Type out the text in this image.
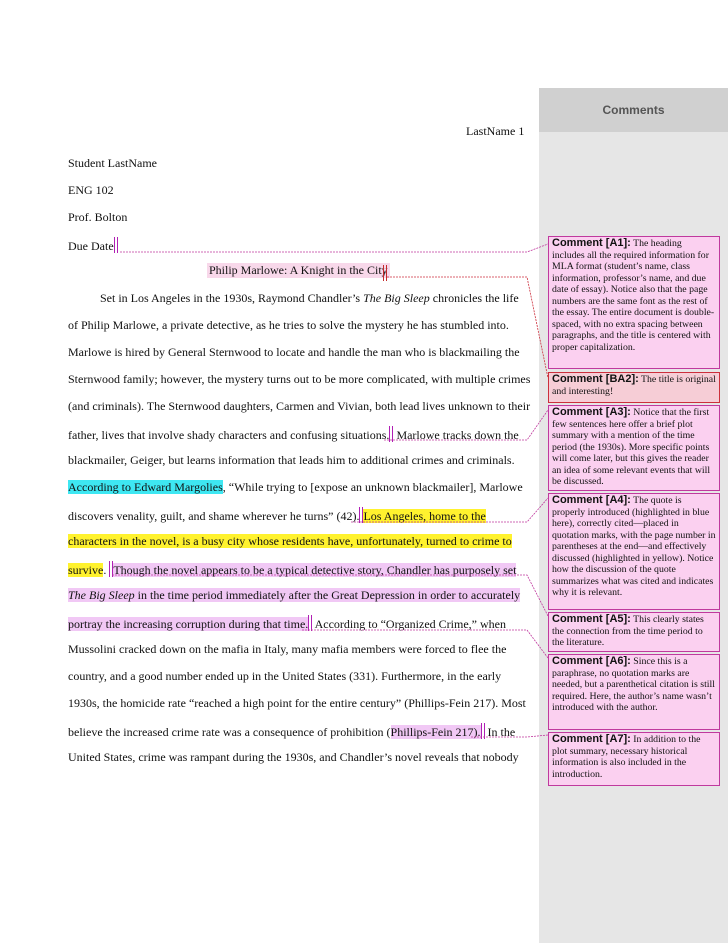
Comments
LastName 1
Student LastName
ENG 102
Prof. Bolton
Due Date
Philip Marlowe: A Knight in the City
Set in Los Angeles in the 1930s, Raymond Chandler’s The Big Sleep chronicles the life
of Philip Marlowe, a private detective, as he tries to solve the mystery he has stumbled into.
Marlowe is hired by General Sternwood to locate and handle the man who is blackmailing the
Sternwood family; however, the mystery turns out to be more complicated, with multiple crimes
(and criminals). The Sternwood daughters, Carmen and Vivian, both lead lives unknown to their
father, lives that involve shady characters and confusing situations. Marlowe tracks down the
blackmailer, Geiger, but learns information that leads him to additional crimes and criminals.
According to Edward Margolies, “While trying to [expose an unknown blackmailer], Marlowe
discovers venality, guilt, and shame wherever he turns” (42). Los Angeles, home to the
characters in the novel, is a busy city whose residents have, unfortunately, turned to crime to
survive. Though the novel appears to be a typical detective story, Chandler has purposely set
The Big Sleep in the time period immediately after the Great Depression in order to accurately
portray the increasing corruption during that time. According to “Organized Crime,” when
Mussolini cracked down on the mafia in Italy, many mafia members were forced to flee the
country, and a good number ended up in the United States (331). Furthermore, in the early
1930s, the homicide rate “reached a high point for the entire century” (Phillips-Fein 217). Most
believe the increased crime rate was a consequence of prohibition (Phillips-Fein 217). In the
United States, crime was rampant during the 1930s, and Chandler’s novel reveals that nobody
Comment [A1]: The heading includes all the required information for MLA format (student’s name, class information, professor’s name, and due date of essay). Notice also that the page numbers are the same font as the rest of the essay. The entire document is double-spaced, with no extra spacing between paragraphs, and the title is centered with proper capitalization.
Comment [BA2]: The title is original and interesting!
Comment [A3]: Notice that the first few sentences here offer a brief plot summary with a mention of the time period (the 1930s). More specific points will come later, but this gives the reader an idea of some relevant events that will be discussed.
Comment [A4]: The quote is properly introduced (highlighted in blue here), correctly cited—placed in quotation marks, with the page number in parentheses at the end—and effectively discussed (highlighted in yellow). Notice how the discussion of the quote summarizes what was cited and indicates why it is relevant.
Comment [A5]: This clearly states the connection from the time period to the literature.
Comment [A6]: Since this is a paraphrase, no quotation marks are needed, but a parenthetical citation is still required. Here, the author’s name wasn’t introduced with the author.
Comment [A7]: In addition to the plot summary, necessary historical information is also included in the introduction.
